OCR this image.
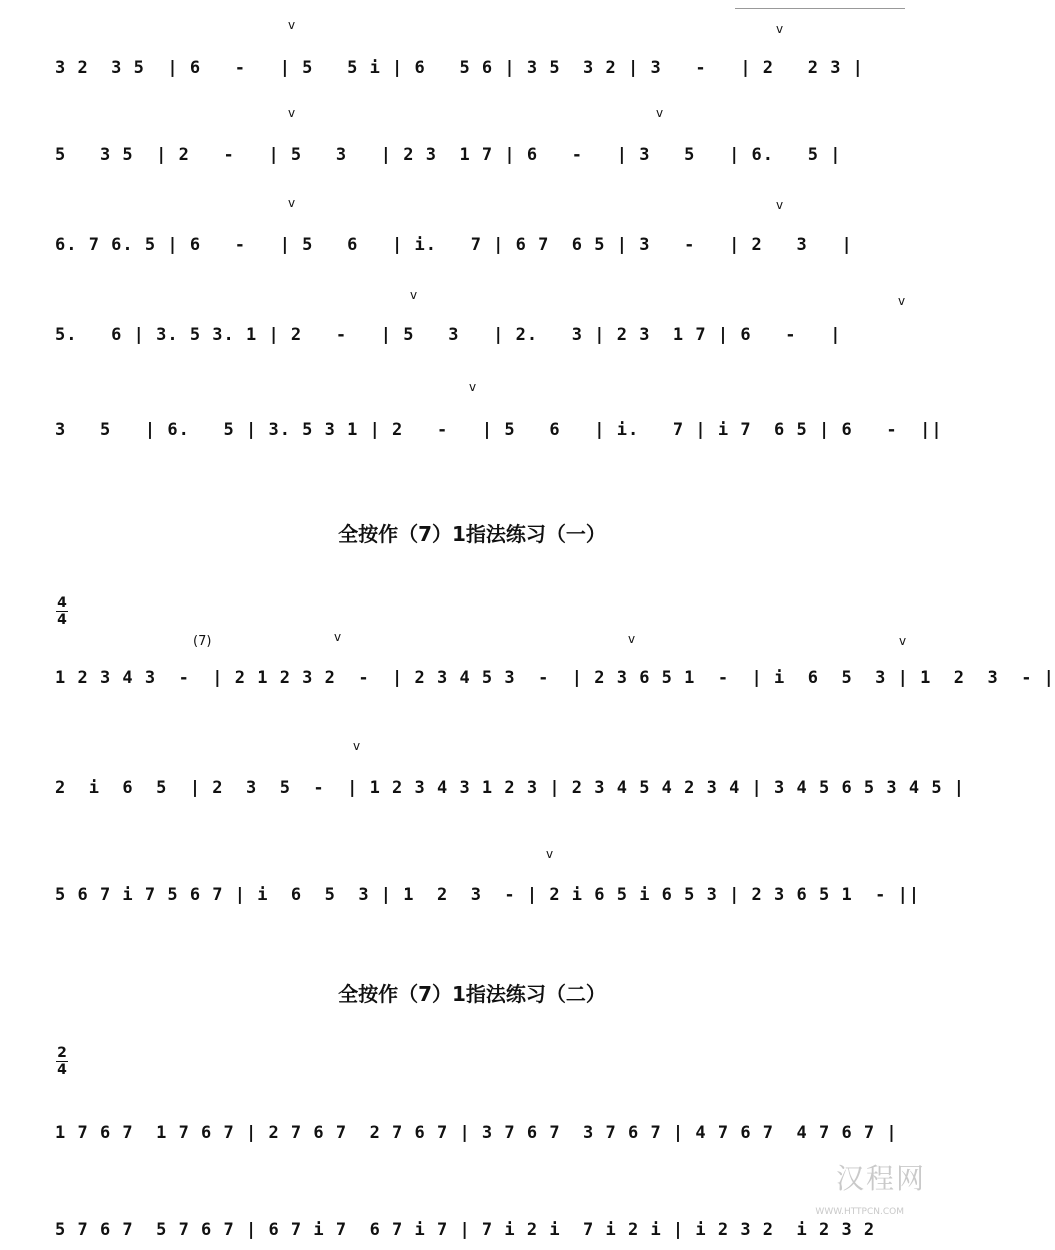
3 2  3 5  | 6   -   | 5   5 i | 6   5 6 | 3 5  3 2 | 3   -   | 2   2 3 |
5   3 5  | 2   -   | 5   3   | 2 3  1 7 | 6   -   | 3   5   | 6.   5 |
6. 7 6. 5 | 6   -   | 5   6   | i.   7 | 6 7  6 5 | 3   -   | 2   3   |
5.   6 | 3. 5 3. 1 | 2   -   | 5   3   | 2.   3 | 2 3  1 7 | 6   -   |
3   5   | 6.   5 | 3. 5 3 1 | 2   -   | 5   6   | i.   7 | i 7  6 5 | 6   -  ||
v	v
v	v
v	v
v	v
v
全按作（7）1指法练习（一）
$\frac{4}{4}$
(7)	v	v	v
v
v
1 2 3 4 3  -  | 2 1 2 3 2  -  | 2 3 4 5 3  -  | 2 3 6 5 1  -  | i  6  5  3 | 1  2  3  - |
2  i  6  5  | 2  3  5  -  | 1 2 3 4 3 1 2 3 | 2 3 4 5 4 2 3 4 | 3 4 5 6 5 3 4 5 |
5 6 7 i 7 5 6 7 | i  6  5  3 | 1  2  3  - | 2 i 6 5 i 6 5 3 | 2 3 6 5 1  - ||
全按作（7）1指法练习（二）
$\frac{2}{4}$
1 7 6 7  1 7 6 7 | 2 7 6 7  2 7 6 7 | 3 7 6 7  3 7 6 7 | 4 7 6 7  4 7 6 7 |
5 7 6 7  5 7 6 7 | 6 7 i 7  6 7 i 7 | 7 i 2 i  7 i 2 i | i 2 3 2  i 2 3 2
汉程网
WWW.HTTPCN.COM
